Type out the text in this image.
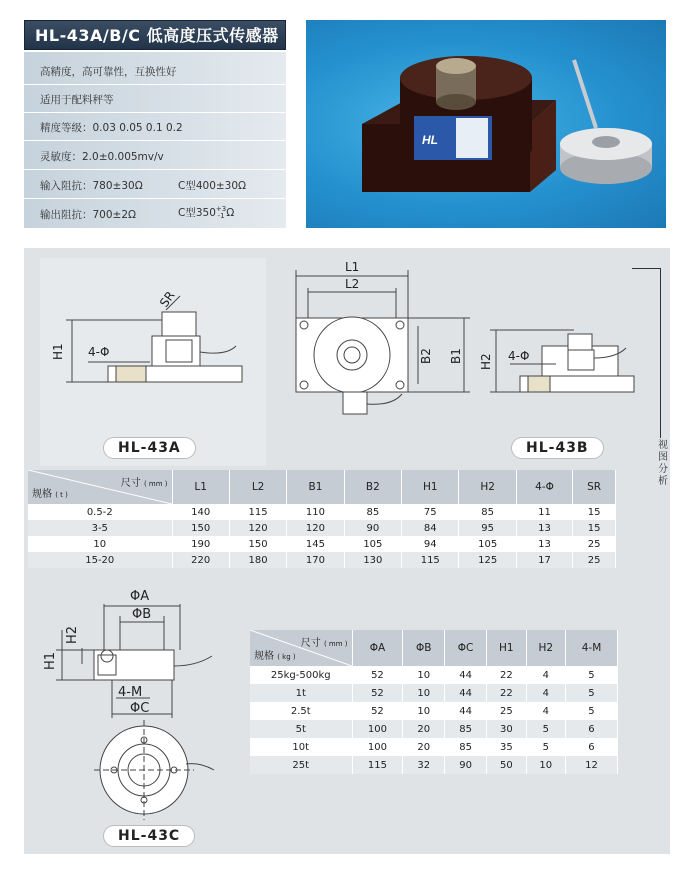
HL-43A/B/C 低高度压式传感器
高精度，高可靠性，互换性好
适用于配料秤等
精度等级：0.03 0.05 0.1 0.2
灵敏度：2.0±0.005mv/v
输入阻抗：780±30Ω	C型400±30Ω
输出阻抗：700±2Ω	C型350 +3
-1 Ω
HL
SR
H1 4-Φ
L1
L2
B2 B1 H2 4-Φ
ΦA
ΦB
H1
H2
4-M
ΦC
HL-43A	HL-43B
HL-43C
视图分析
尺寸 ( mm )
规格 ( t )	L1	L2	B1	B2	H1	H2	4-Φ	SR
0.5-2	140	115	110	85	75	85	11	15
3-5	150	120	120	90	84	95	13	15
10	190	150	145	105	94	105	13	25
15-20	220	180	170	130	115	125	17	25
尺寸 ( mm )
规格 ( kg )	ΦA	ΦB	ΦC	H1	H2	4-M
25kg-500kg	52	10	44	22	4	5
1t	52	10	44	22	4	5
2.5t	52	10	44	25	4	5
5t	100	20	85	30	5	6
10t	100	20	85	35	5	6
25t	115	32	90	50	10	12
